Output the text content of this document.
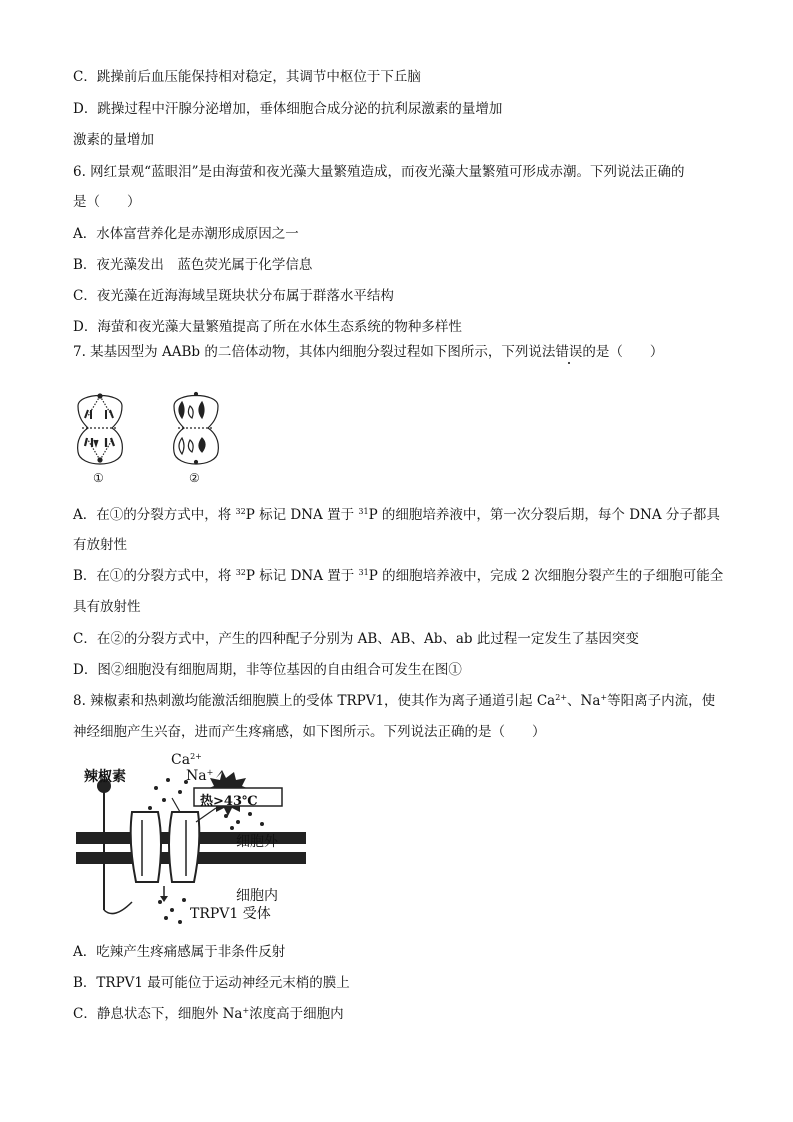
C．跳操前后血压能保持相对稳定，其调节中枢位于下丘脑
D．跳操过程中汗腺分泌增加，垂体细胞合成分泌的抗利尿激素的量增加
激素的量增加
6. 网红景观“蓝眼泪”是由海萤和夜光藻大量繁殖造成，而夜光藻大量繁殖可形成赤潮。下列说法正确的
是（　　）
A．水体富营养化是赤潮形成原因之一
B．夜光藻发出　蓝色荧光属于化学信息
C．夜光藻在近海海域呈斑块状分布属于群落水平结构
D．海萤和夜光藻大量繁殖提高了所在水体生态系统的物种多样性
7. 某基因型为 AABb 的二倍体动物，其体内细胞分裂过程如下图所示，下列说法错误的是（　　）
①	②
A．在①的分裂方式中，将 $^{32}$P 标记 DNA 置于 $^{31}$P 的细胞培养液中，第一次分裂后期，每个 DNA 分子都具
有放射性
B．在①的分裂方式中，将 $^{32}$P 标记 DNA 置于 $^{31}$P 的细胞培养液中，完成 2 次细胞分裂产生的子细胞可能全
具有放射性
C．在②的分裂方式中，产生的四种配子分别为 AB、AB、Ab、ab 此过程一定发生了基因突变
D．图②细胞没有细胞周期，非等位基因的自由组合可发生在图①
8. 辣椒素和热刺激均能激活细胞膜上的受体 TRPV1，使其作为离子通道引起 $Ca^{2+}$、Na+等阳离子内流，使
神经细胞产生兴奋，进而产生疼痛感，如下图所示。下列说法正确的是（　　）
辣椒素
$Ca^{2+}$
Na+
热>43℃
细胞外
细胞内
TRPV1 受体
A．吃辣产生疼痛感属于非条件反射
B．TRPV1 最可能位于运动神经元末梢的膜上
C．静息状态下，细胞外 Na+浓度高于细胞内
